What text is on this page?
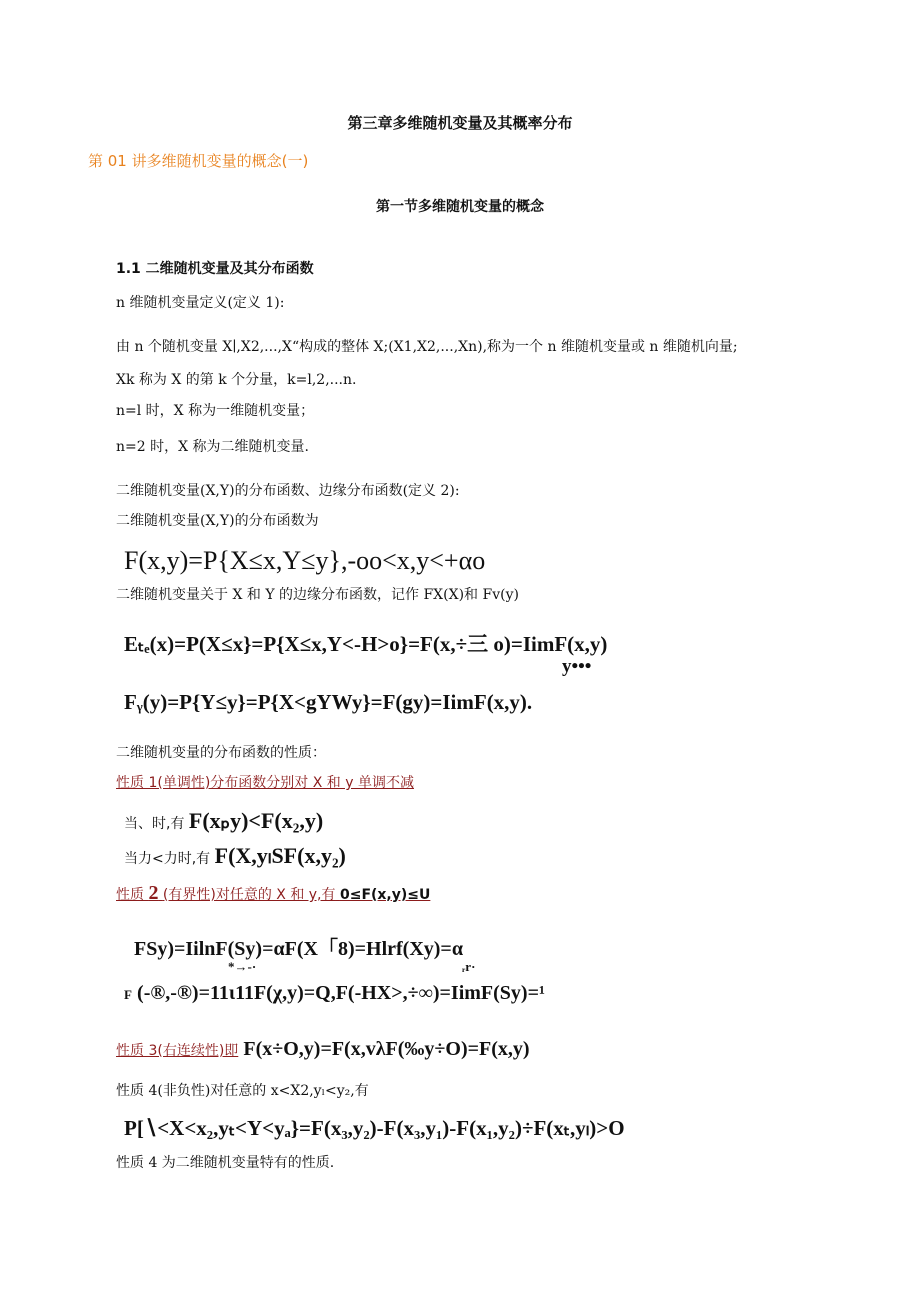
第三章多维随机变量及其概率分布
第 01 讲多维随机变量的概念(一)
第一节多维随机变量的概念
1.1 二维随机变量及其分布函数
n 维随机变量定义(定义 1):
由 n 个随机变量 X∣,X2,...,X“构成的整体 X;(X1,X2,...,Xn),称为一个 n 维随机变量或 n 维随机向量;
Xk 称为 X 的第 k 个分量，k=l,2,...n.
n=l 时，X 称为一维随机变量；
n=2 时，X 称为二维随机变量.
二维随机变量(X,Y)的分布函数、边缘分布函数(定义 2):
二维随机变量(X,Y)的分布函数为
F(x,y)=P{X≤x,Y≤y},-oo<x,y<+αo
二维随机变量关于 X 和 Y 的边缘分布函数，记作 FX(X)和 Fv(y)
Eₜₑ(x)=P(X≤x}=P{X≤x,Y<-H>o}=F(x,÷三 o)=IimF(x,y)
y•••
Fᵧ(y)=P{Y≤y}=P{X<gYWy}=F(gy)=IimF(x,y).
二维随机变量的分布函数的性质：
性质 1(单调性)分布函数分别对 X 和 y 单调不减
当、时,有 F(xₚy)<F(x₂,y)
当力<力时,有 F(X,yₗSF(x,y₂)
性质 2 (有界性)对任意的 X 和 y,有 0≤F(x,y)≤U
FSy)=IilnF(Sy)=αF(X「8)=Hlrf(Xy)=α
*→-·	ᵣr·
F (-®,-®)=11ι11F(χ,y)=Q,F(-HX>,÷∞)=IimF(Sy)=¹
性质 3(右连续性)即 F(x÷O,y)=F(x,vλF(‰y÷O)=F(x,y)
性质 4(非负性)对任意的 x<X2,yₗ<y₂,有
P[∖<X<x₂,yₜ<Y<yₐ}=F(x₃,y₂)-F(x₃,y₁)-F(x₁,y₂)÷F(xₜ,yₗ)>O
性质 4 为二维随机变量特有的性质.
